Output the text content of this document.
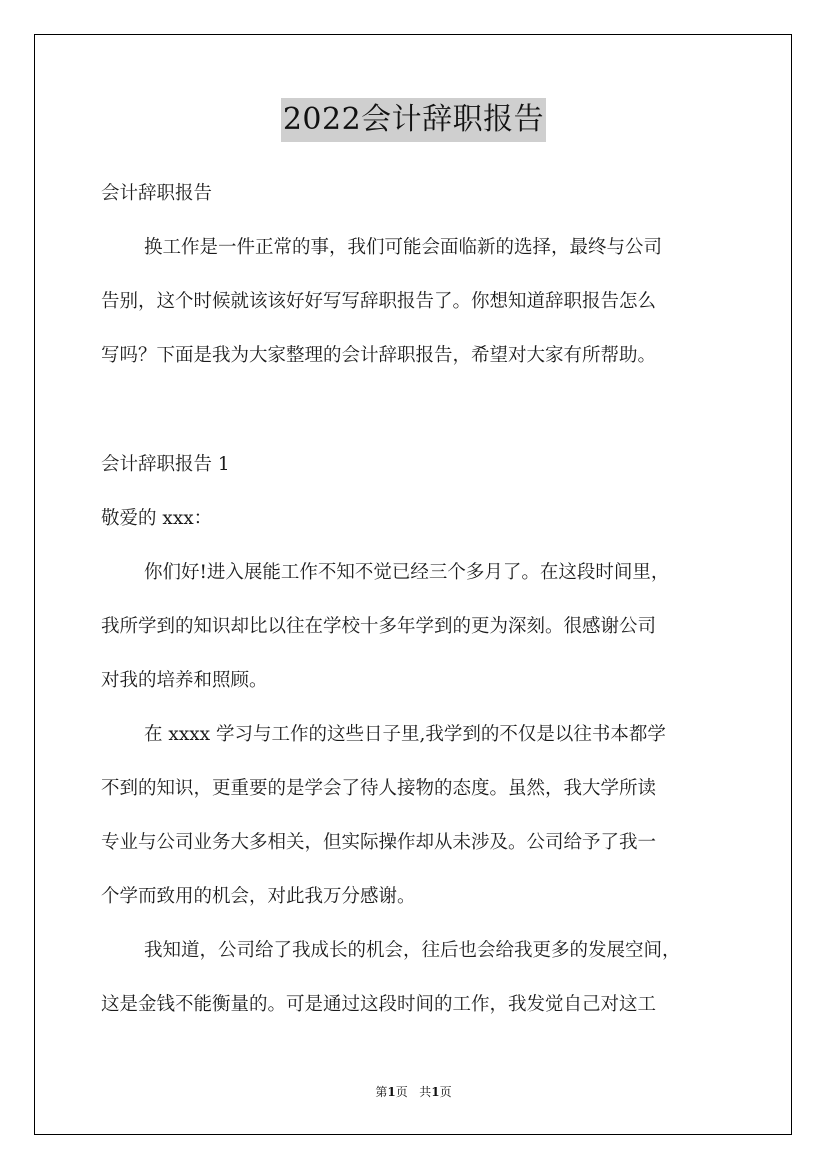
2022会计辞职报告
会计辞职报告
换工作是一件正常的事，我们可能会面临新的选择，最终与公司
告别，这个时候就该该好好写写辞职报告了。你想知道辞职报告怎么
写吗？下面是我为大家整理的会计辞职报告，希望对大家有所帮助。
会计辞职报告 1
敬爱的 xxx：
你们好!进入展能工作不知不觉已经三个多月了。在这段时间里，
我所学到的知识却比以往在学校十多年学到的更为深刻。很感谢公司
对我的培养和照顾。
在 xxxx 学习与工作的这些日子里,我学到的不仅是以往书本都学
不到的知识，更重要的是学会了待人接物的态度。虽然，我大学所读
专业与公司业务大多相关，但实际操作却从未涉及。公司给予了我一
个学而致用的机会，对此我万分感谢。
我知道，公司给了我成长的机会，往后也会给我更多的发展空间，
这是金钱不能衡量的。可是通过这段时间的工作，我发觉自己对这工
第1页 共1页
